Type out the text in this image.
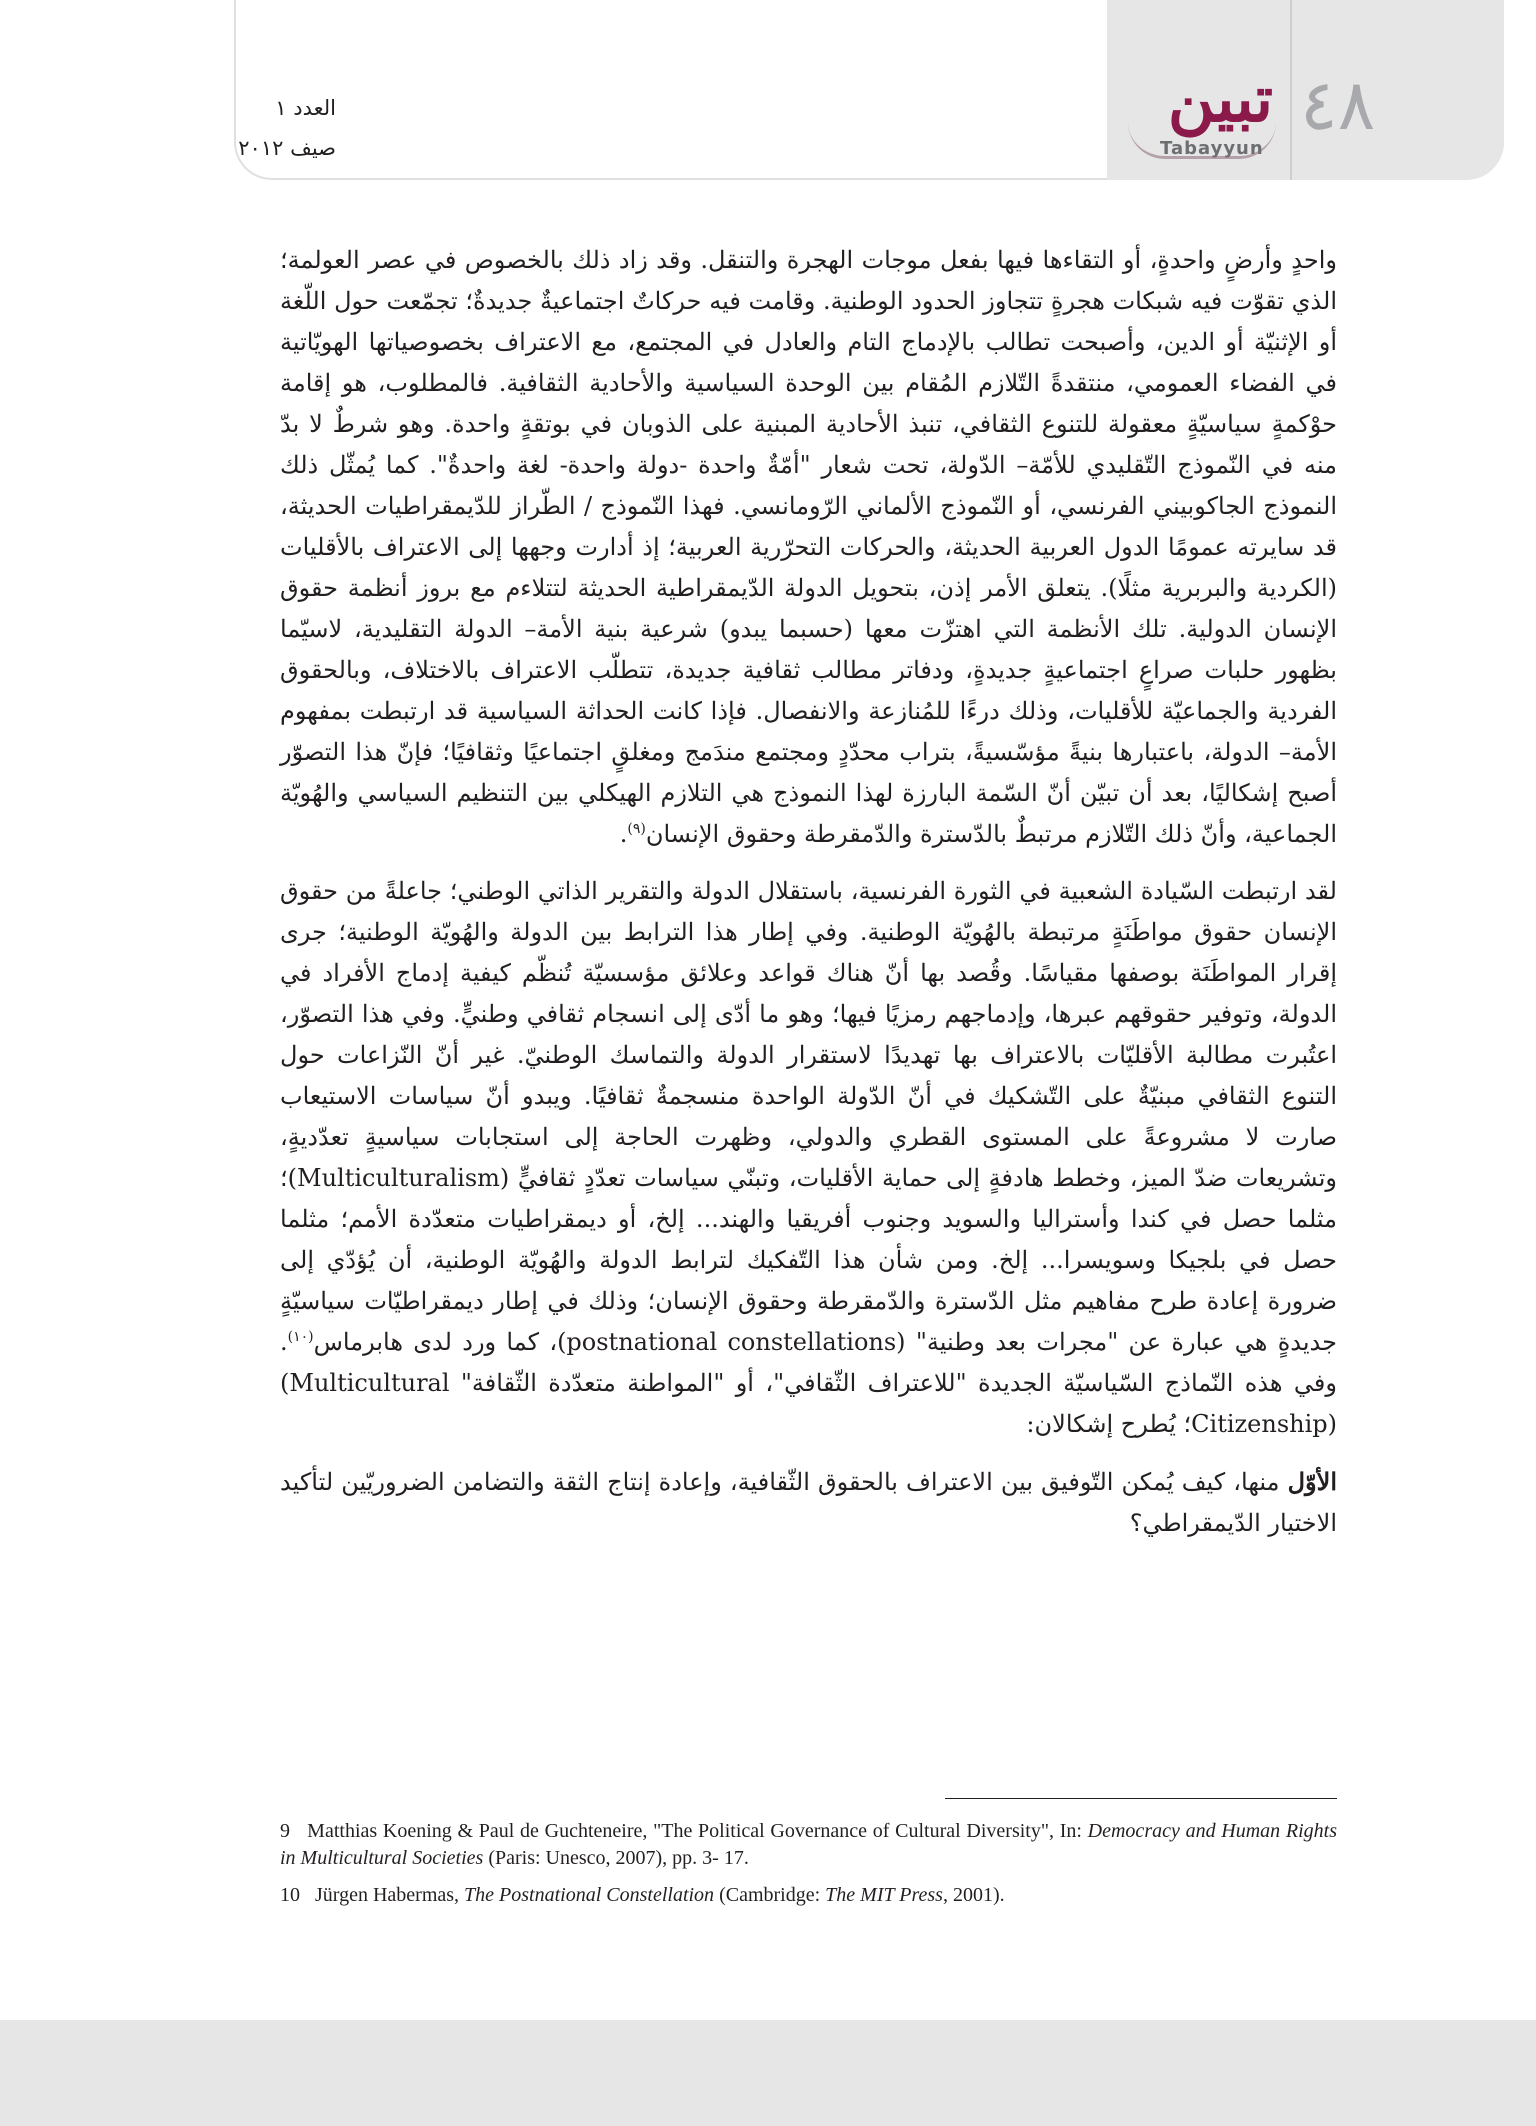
٤٨
تبين
Tabayyun
العدد ١
صيف ٢٠١٢

واحدٍ وأرضٍ واحدةٍ، أو التقاءها فيها بفعل موجات الهجرة والتنقل. وقد زاد ذلك بالخصوص في عصر العولمة؛ الذي تقوّت فيه شبكات هجرةٍ تتجاوز الحدود الوطنية. وقامت فيه حركاتٌ اجتماعيةٌ جديدةٌ؛ تجمّعت حول اللّغة أو الإثنيّة أو الدين، وأصبحت تطالب بالإدماج التام والعادل في المجتمع، مع الاعتراف بخصوصياتها الهويّاتية في الفضاء العمومي، منتقدةً التّلازم المُقام بين الوحدة السياسية والأحادية الثقافية. فالمطلوب، هو إقامة حوْكمةٍ سياسيّةٍ معقولة للتنوع الثقافي، تنبذ الأحادية المبنية على الذوبان في بوتقةٍ واحدة. وهو شرطٌ لا بدّ منه في النّموذج التّقليدي للأمّة– الدّولة، تحت شعار "أمّةٌ واحدة -دولة واحدة- لغة واحدةٌ". كما يُمثّل ذلك النموذج الجاكوبيني الفرنسي، أو النّموذج الألماني الرّومانسي. فهذا النّموذج / الطّراز للدّيمقراطيات الحديثة، قد سايرته عمومًا الدول العربية الحديثة، والحركات التحرّرية العربية؛ إذ أدارت وجهها إلى الاعتراف بالأقليات (الكردية والبربرية مثلًا). يتعلق الأمر إذن، بتحويل الدولة الدّيمقراطية الحديثة لتتلاءم مع بروز أنظمة حقوق الإنسان الدولية. تلك الأنظمة التي اهتزّت معها (حسبما يبدو) شرعية بنية الأمة– الدولة التقليدية، لاسيّما بظهور حلبات صراعٍ اجتماعيةٍ جديدةٍ، ودفاتر مطالب ثقافية جديدة، تتطلّب الاعتراف بالاختلاف، وبالحقوق الفردية والجماعيّة للأقليات، وذلك درءًا للمُنازعة والانفصال. فإذا كانت الحداثة السياسية قد ارتبطت بمفهوم الأمة– الدولة، باعتبارها بنيةً مؤسّسيةً، بتراب محدّدٍ ومجتمع مندَمج ومغلقٍ اجتماعيًا وثقافيًا؛ فإنّ هذا التصوّر أصبح إشكاليًا، بعد أن تبيّن أنّ السّمة البارزة لهذا النموذج هي التلازم الهيكلي بين التنظيم السياسي والهُويّة الجماعية، وأنّ ذلك التّلازم مرتبطٌ بالدّسترة والدّمقرطة وحقوق الإنسان$^{(٩)}$.

لقد ارتبطت السّيادة الشعبية في الثورة الفرنسية، باستقلال الدولة والتقرير الذاتي الوطني؛ جاعلةً من حقوق الإنسان حقوق مواطَنَةٍ مرتبطة بالهُويّة الوطنية. وفي إطار هذا الترابط بين الدولة والهُويّة الوطنية؛ جرى إقرار المواطَنَة بوصفها مقياسًا. وقُصد بها أنّ هناك قواعد وعلائق مؤسسيّة تُنظّم كيفية إدماج الأفراد في الدولة، وتوفير حقوقهم عبرها، وإدماجهم رمزيًا فيها؛ وهو ما أدّى إلى انسجام ثقافي وطنيٍّ. وفي هذا التصوّر، اعتُبرت مطالبة الأقليّات بالاعتراف بها تهديدًا لاستقرار الدولة والتماسك الوطنيّ. غير أنّ النّزاعات حول التنوع الثقافي مبنيّةٌ على التّشكيك في أنّ الدّولة الواحدة منسجمةٌ ثقافيًا. ويبدو أنّ سياسات الاستيعاب صارت لا مشروعةً على المستوى القطري والدولي، وظهرت الحاجة إلى استجابات سياسيةٍ تعدّديةٍ، وتشريعات ضدّ الميز، وخطط هادفةٍ إلى حماية الأقليات، وتبنّي سياسات تعدّدٍ ثقافيٍّ (Multiculturalism)؛ مثلما حصل في كندا وأستراليا والسويد وجنوب أفريقيا والهند... إلخ، أو ديمقراطيات متعدّدة الأمم؛ مثلما حصل في بلجيكا وسويسرا... إلخ. ومن شأن هذا التّفكيك لترابط الدولة والهُويّة الوطنية، أن يُؤدّي إلى ضرورة إعادة طرح مفاهيم مثل الدّسترة والدّمقرطة وحقوق الإنسان؛ وذلك في إطار ديمقراطيّات سياسيّةٍ جديدةٍ هي عبارة عن "مجرات بعد وطنية" (postnational constellations)، كما ورد لدى هابرماس$^{(١٠)}$. وفي هذه النّماذج السّياسيّة الجديدة "للاعتراف الثّقافي"، أو "المواطنة متعدّدة الثّقافة" (Multicultural Citizenship)؛ يُطرح إشكالان:

الأوّل منها، كيف يُمكن التّوفيق بين الاعتراف بالحقوق الثّقافية، وإعادة إنتاج الثقة والتضامن الضروريّين لتأكيد الاختيار الدّيمقراطي؟

9 Matthias Koening & Paul de Guchteneire, "The Political Governance of Cultural Diversity", In: Democracy and Human Rights in Multicultural Societies (Paris: Unesco, 2007), pp. 3- 17.

10 Jürgen Habermas, The Postnational Constellation (Cambridge: The MIT Press, 2001).
